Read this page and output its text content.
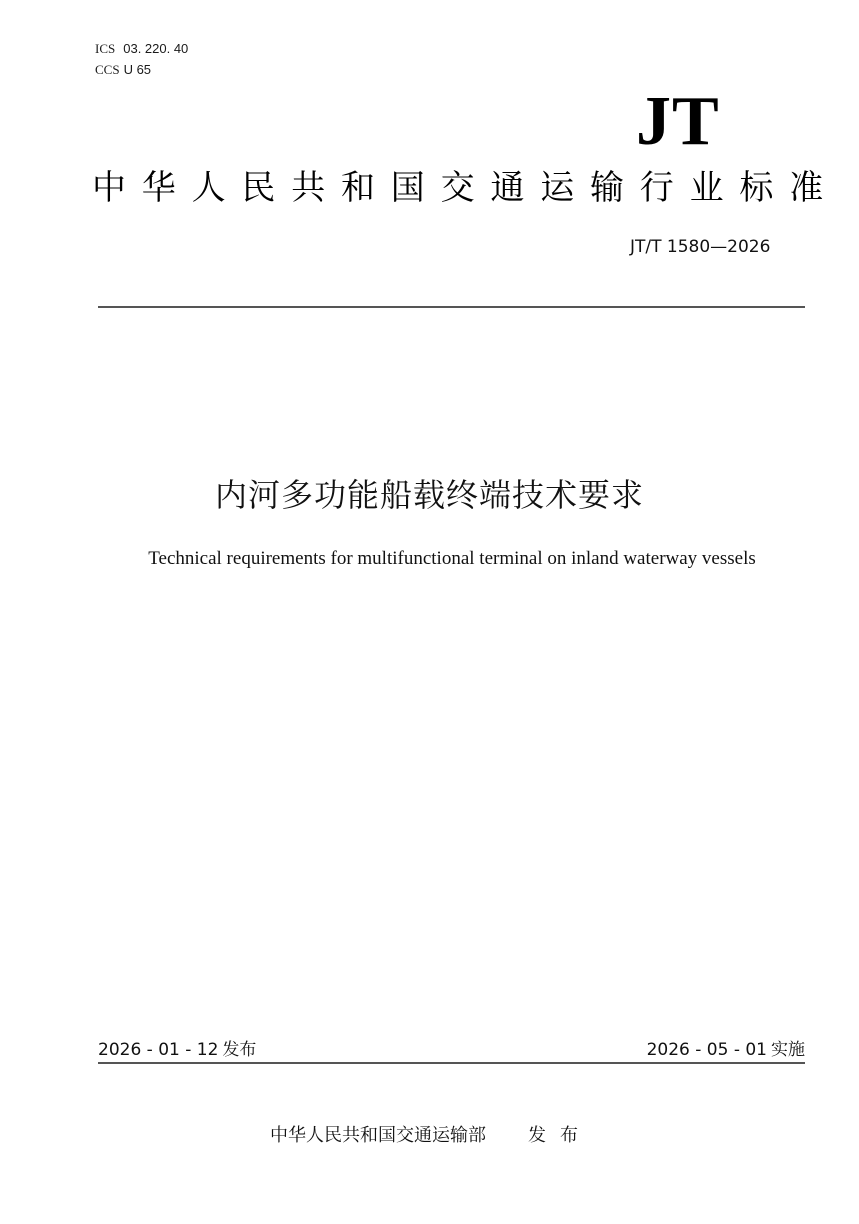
ICS 03. 220. 40
CCS U 65
JT
中华人民共和国交通运输行业标准
JT/T 1580—2026
内河多功能船载终端技术要求
Technical requirements for multifunctional terminal on inland waterway vessels
2026 - 01 - 12 发布	2026 - 05 - 01 实施
中华人民共和国交通运输部 发布
